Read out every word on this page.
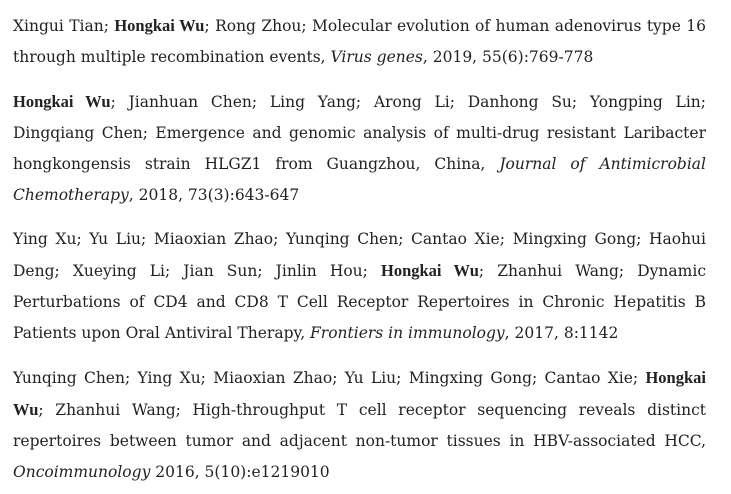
Xingui Tian; Hongkai Wu; Rong Zhou; Molecular evolution of human adenovirus type 16 through multiple recombination events, Virus genes, 2019, 55(6):769-778

Hongkai Wu; Jianhuan Chen; Ling Yang; Arong Li; Danhong Su; Yongping Lin; Dingqiang Chen; Emergence and genomic analysis of multi-drug resistant Laribacter hongkongensis strain HLGZ1 from Guangzhou, China, Journal of Antimicrobial Chemotherapy, 2018, 73(3):643-647

Ying Xu; Yu Liu; Miaoxian Zhao; Yunqing Chen; Cantao Xie; Mingxing Gong; Haohui Deng; Xueying Li; Jian Sun; Jinlin Hou; Hongkai Wu; Zhanhui Wang; Dynamic Perturbations of CD4 and CD8 T Cell Receptor Repertoires in Chronic Hepatitis B Patients upon Oral Antiviral Therapy, Frontiers in immunology, 2017, 8:1142

Yunqing Chen; Ying Xu; Miaoxian Zhao; Yu Liu; Mingxing Gong; Cantao Xie; Hongkai Wu; Zhanhui Wang; High-throughput T cell receptor sequencing reveals distinct repertoires between tumor and adjacent non-tumor tissues in HBV-associated HCC, Oncoimmunology 2016, 5(10):e1219010
